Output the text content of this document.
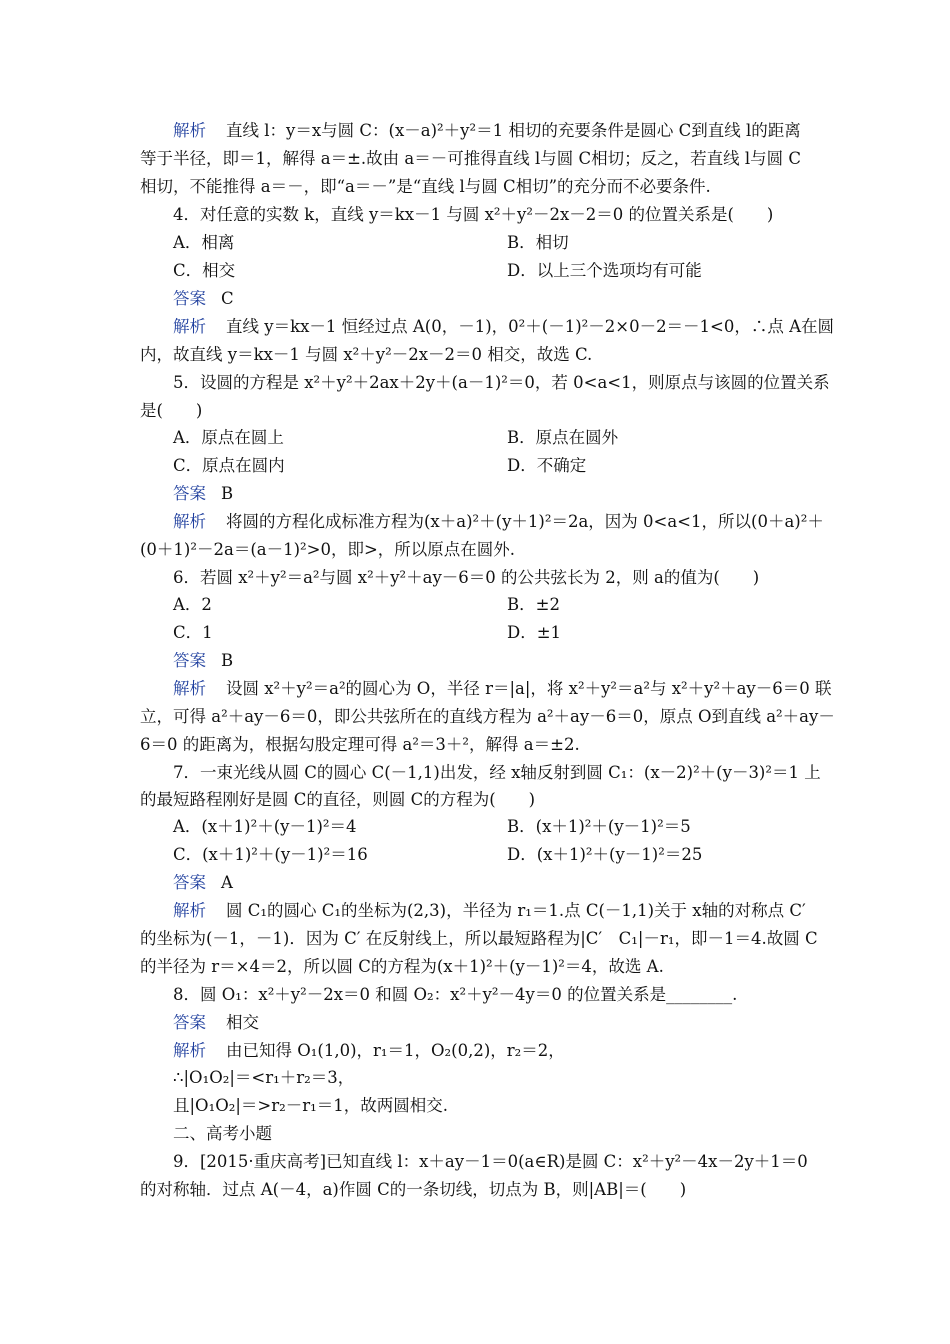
解析 直线 l：y＝x与圆 C：(x－a)²＋y²＝1 相切的充要条件是圆心 C到直线 l的距离
等于半径，即＝1，解得 a＝±.故由 a＝－可推得直线 l与圆 C相切；反之，若直线 l与圆 C
相切，不能推得 a＝－，即“a＝－”是“直线 l与圆 C相切”的充分而不必要条件.
4．对任意的实数 k，直线 y＝kx－1 与圆 x²＋y²－2x－2＝0 的位置关系是(　　)
A．相离	B．相切
C．相交	D．以上三个选项均有可能
答案 C
解析 直线 y＝kx－1 恒经过点 A(0，－1)，0²＋(－1)²－2×0－2＝－1<0，∴点 A在圆
内，故直线 y＝kx－1 与圆 x²＋y²－2x－2＝0 相交，故选 C.
5．设圆的方程是 x²＋y²＋2ax＋2y＋(a－1)²＝0，若 0<a<1，则原点与该圆的位置关系
是(　　)
A．原点在圆上	B．原点在圆外
C．原点在圆内	D．不确定
答案 B
解析 将圆的方程化成标准方程为(x＋a)²＋(y＋1)²＝2a，因为 0<a<1，所以(0＋a)²＋
(0＋1)²－2a＝(a－1)²>0，即>，所以原点在圆外.
6．若圆 x²＋y²＝a²与圆 x²＋y²＋ay－6＝0 的公共弦长为 2，则 a的值为(　　)
A．2	B．±2
C．1	D．±1
答案 B
解析 设圆 x²＋y²＝a²的圆心为 O，半径 r＝|a|，将 x²＋y²＝a²与 x²＋y²＋ay－6＝0 联
立，可得 a²＋ay－6＝0，即公共弦所在的直线方程为 a²＋ay－6＝0，原点 O到直线 a²＋ay－
6＝0 的距离为，根据勾股定理可得 a²＝3＋²，解得 a＝±2.
7．一束光线从圆 C的圆心 C(－1,1)出发，经 x轴反射到圆 C₁：(x－2)²＋(y－3)²＝1 上
的最短路程刚好是圆 C的直径，则圆 C的方程为(　　)
A．(x＋1)²＋(y－1)²＝4	B．(x＋1)²＋(y－1)²＝5
C．(x＋1)²＋(y－1)²＝16	D．(x＋1)²＋(y－1)²＝25
答案 A
解析 圆 C₁的圆心 C₁的坐标为(2,3)，半径为 r₁＝1.点 C(－1,1)关于 x轴的对称点 C′
的坐标为(－1，－1)．因为 C′ 在反射线上，所以最短路程为|C′　C₁|－r₁，即－1＝4.故圆 C
的半径为 r＝×4＝2，所以圆 C的方程为(x＋1)²＋(y－1)²＝4，故选 A.
8．圆 O₁：x²＋y²－2x＝0 和圆 O₂：x²＋y²－4y＝0 的位置关系是________.
答案 相交
解析 由已知得 O₁(1,0)，r₁＝1，O₂(0,2)，r₂＝2，
∴|O₁O₂|＝<r₁＋r₂＝3，
且|O₁O₂|＝>r₂－r₁＝1，故两圆相交.
二、高考小题
9．[2015·重庆高考]已知直线 l：x＋ay－1＝0(a∈R)是圆 C：x²＋y²－4x－2y＋1＝0
的对称轴．过点 A(－4，a)作圆 C的一条切线，切点为 B，则|AB|＝(　　)
